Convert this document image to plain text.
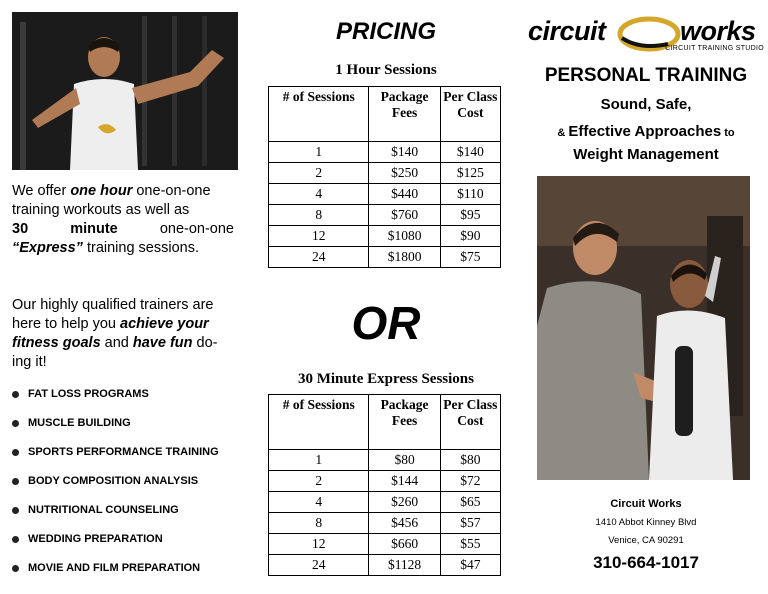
We offer one hour one-on-one

training workouts as well as

30	minute	one-on-one

“Express” training sessions.

Our highly qualified trainers are here to help you achieve your fitness goals and have fun do-ing it!

FAT LOSS PROGRAMS
MUSCLE BUILDING
SPORTS PERFORMANCE TRAINING
BODY COMPOSITION ANALYSIS
NUTRITIONAL COUNSELING
WEDDING PREPARATION
MOVIE AND FILM PREPARATION
PRICING
1 Hour Sessions
# of Sessions	Package Fees	Per Class Cost
1	$140	$140
2	$250	$125
4	$440	$110
8	$760	$95
12	$1080	$90
24	$1800	$75
OR
30 Minute Express Sessions
# of Sessions	Package Fees	Per Class Cost
1	$80	$80
2	$144	$72
4	$260	$65
8	$456	$57
12	$660	$55
24	$1128	$47
circuit	works
CIRCUIT TRAINING STUDIO
PERSONAL TRAINING
Sound, Safe,
& Effective Approaches to
Weight Management
Circuit Works
1410 Abbot Kinney Blvd
Venice, CA 90291
310-664-1017
